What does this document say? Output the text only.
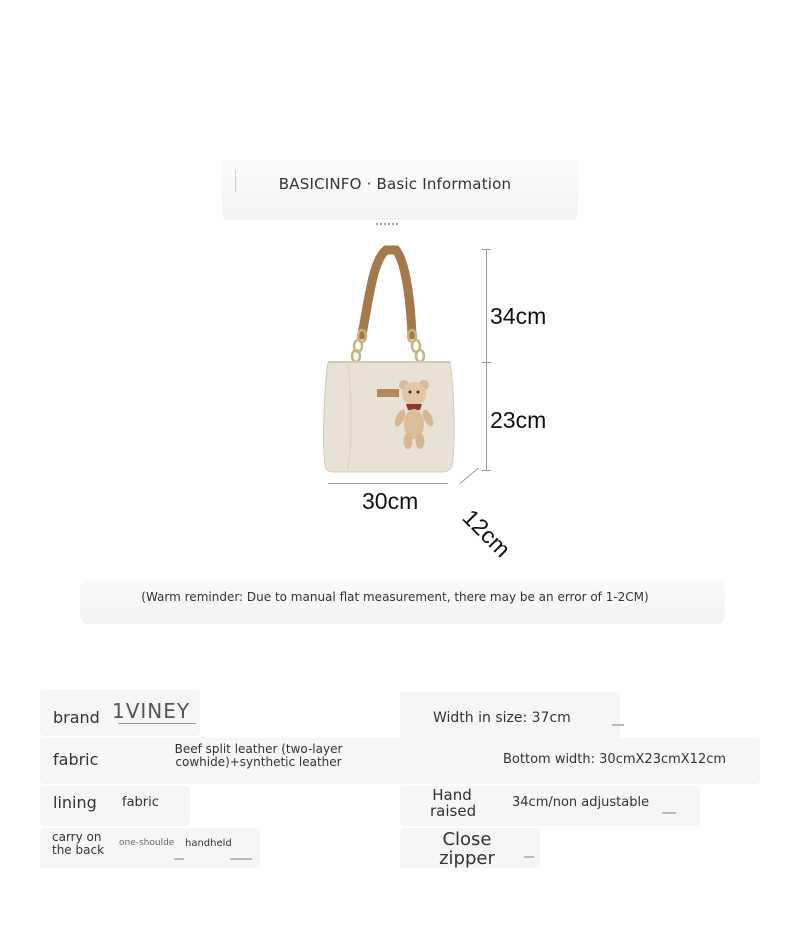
BASICINFO · Basic Information
34cm
23cm
30cm
12cm
(Warm reminder: Due to manual flat measurement, there may be an error of 1-2CM)
brand 1VINEY
fabric
Beef split leather (two-layer
cowhide)+synthetic leather
lining fabric
carry on
the back one-shoulde handheld
Width in size: 37cm
Bottom width: 30cmX23cmX12cm
Hand
raised	34cm/non adjustable
Close
zipper
